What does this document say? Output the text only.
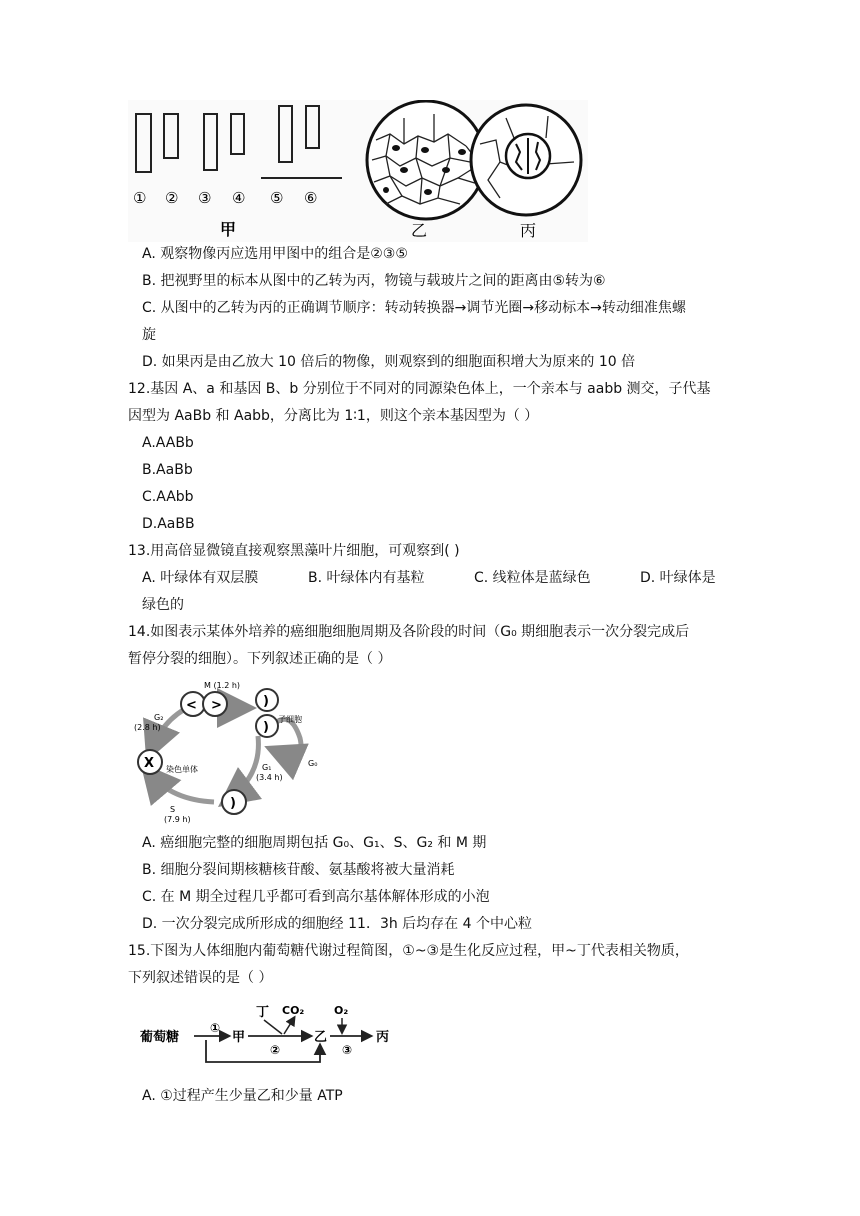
① ② ③ ④ ⑤ ⑥
甲	乙	丙
A. 观察物像丙应选用甲图中的组合是②③⑤
B. 把视野里的标本从图中的乙转为丙，物镜与载玻片之间的距离由⑤转为⑥
C. 从图中的乙转为丙的正确调节顺序：转动转换器→调节光圈→移动标本→转动细准焦螺
旋
D. 如果丙是由乙放大 10 倍后的物像，则观察到的细胞面积增大为原来的 10 倍
12.基因 A、a 和基因 B、b 分别位于不同对的同源染色体上，一个亲本与 aabb 测交，子代基
因型为 AaBb 和 Aabb，分离比为 1∶1，则这个亲本基因型为（ ）
A.AABb
B.AaBb
C.AAbb
D.AaBB
13.用高倍显微镜直接观察黑藻叶片细胞，可观察到( )
A. 叶绿体有双层膜	B. 叶绿体内有基粒	C. 线粒体是蓝绿色	D. 叶绿体是
绿色的
14.如图表示某体外培养的癌细胞细胞周期及各阶段的时间（G₀ 期细胞表示一次分裂完成后
暂停分裂的细胞）。下列叙述正确的是（ ）
< >	)
)
X
)
M (1.2 h)
G₂
(2.8 h)
子细胞
染色单体
G₀
G₁
(3.4 h)
S
(7.9 h)
A. 癌细胞完整的细胞周期包括 G₀、G₁、S、G₂ 和 M 期
B. 细胞分裂间期核糖核苷酸、氨基酸将被大量消耗
C. 在 M 期全过程几乎都可看到高尔基体解体形成的小泡
D. 一次分裂完成所形成的细胞经 11．3h 后均存在 4 个中心粒
15.下图为人体细胞内葡萄糖代谢过程简图，①~③是生化反应过程，甲~丁代表相关物质，
下列叙述错误的是（ ）
葡萄糖
①
甲
丁 CO₂
②
乙
O₂
③
丙
A. ①过程产生少量乙和少量 ATP
